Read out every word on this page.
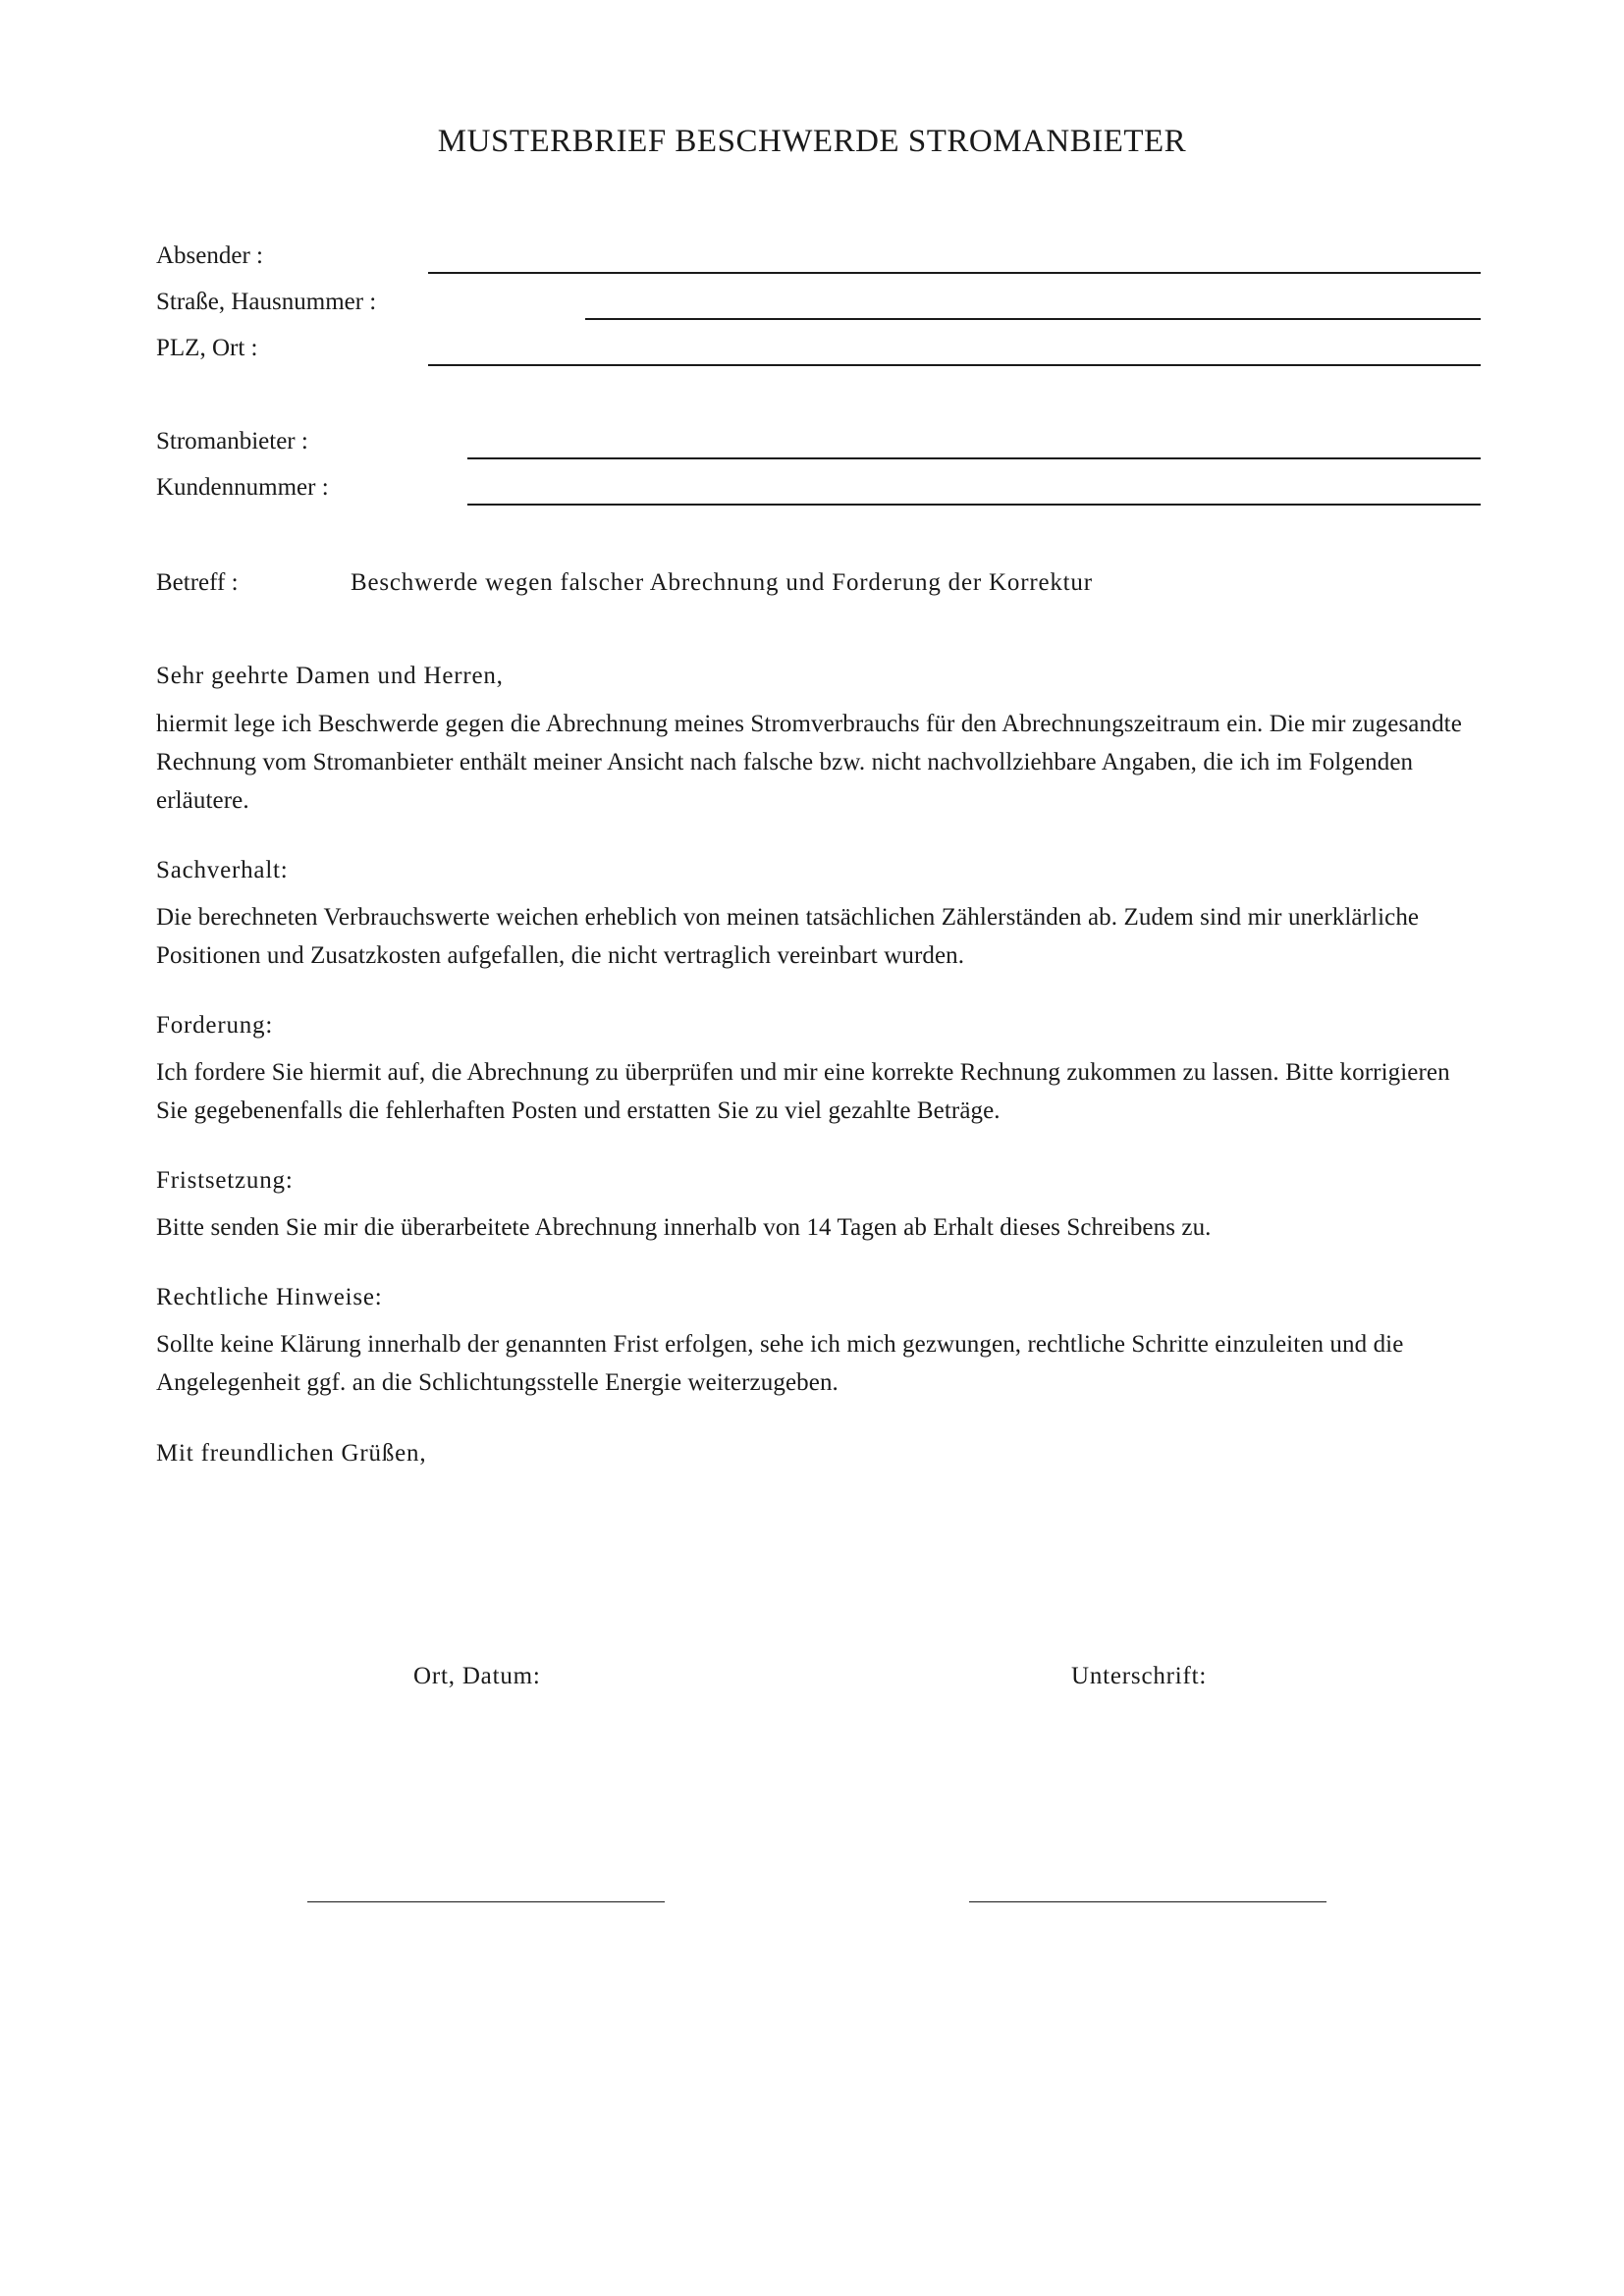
MUSTERBRIEF BESCHWERDE STROMANBIETER
Absender :
Straße, Hausnummer :
PLZ, Ort :
Stromanbieter :
Kundennummer :
Betreff :	Beschwerde wegen falscher Abrechnung und Forderung der Korrektur
Sehr geehrte Damen und Herren,
hiermit lege ich Beschwerde gegen die Abrechnung meines Stromverbrauchs für den Abrechnungszeitraum ein. Die mir zugesandte Rechnung vom Stromanbieter enthält meiner Ansicht nach falsche bzw. nicht nachvollziehbare Angaben, die ich im Folgenden erläutere.
Sachverhalt:
Die berechneten Verbrauchswerte weichen erheblich von meinen tatsächlichen Zählerständen ab. Zudem sind mir unerklärliche Positionen und Zusatzkosten aufgefallen, die nicht vertraglich vereinbart wurden.
Forderung:
Ich fordere Sie hiermit auf, die Abrechnung zu überprüfen und mir eine korrekte Rechnung zukommen zu lassen. Bitte korrigieren Sie gegebenenfalls die fehlerhaften Posten und erstatten Sie zu viel gezahlte Beträge.
Fristsetzung:
Bitte senden Sie mir die überarbeitete Abrechnung innerhalb von 14 Tagen ab Erhalt dieses Schreibens zu.
Rechtliche Hinweise:
Sollte keine Klärung innerhalb der genannten Frist erfolgen, sehe ich mich gezwungen, rechtliche Schritte einzuleiten und die Angelegenheit ggf. an die Schlichtungsstelle Energie weiterzugeben.
Mit freundlichen Grüßen,
Ort, Datum:	Unterschrift:
